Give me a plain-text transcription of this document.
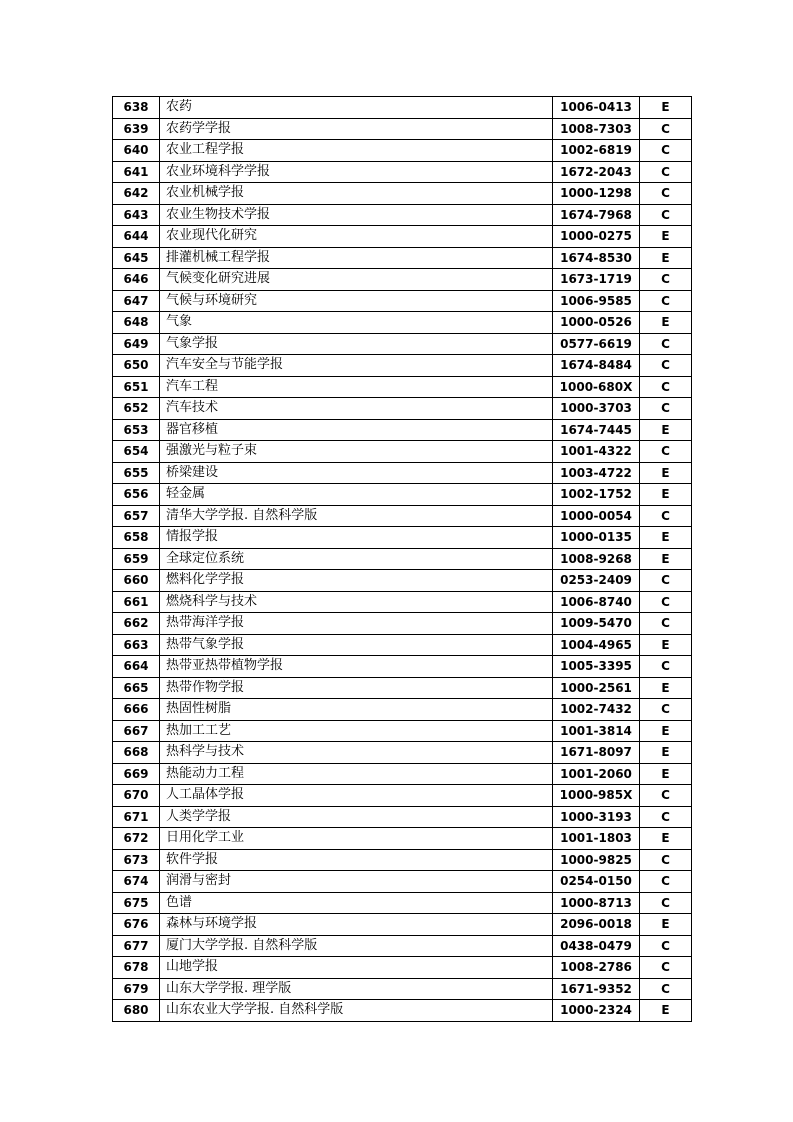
638	农药	1006-0413	E
639	农药学学报	1008-7303	C
640	农业工程学报	1002-6819	C
641	农业环境科学学报	1672-2043	C
642	农业机械学报	1000-1298	C
643	农业生物技术学报	1674-7968	C
644	农业现代化研究	1000-0275	E
645	排灌机械工程学报	1674-8530	E
646	气候变化研究进展	1673-1719	C
647	气候与环境研究	1006-9585	C
648	气象	1000-0526	E
649	气象学报	0577-6619	C
650	汽车安全与节能学报	1674-8484	C
651	汽车工程	1000-680X	C
652	汽车技术	1000-3703	C
653	器官移植	1674-7445	E
654	强激光与粒子束	1001-4322	C
655	桥梁建设	1003-4722	E
656	轻金属	1002-1752	E
657	清华大学学报. 自然科学版	1000-0054	C
658	情报学报	1000-0135	E
659	全球定位系统	1008-9268	E
660	燃料化学学报	0253-2409	C
661	燃烧科学与技术	1006-8740	C
662	热带海洋学报	1009-5470	C
663	热带气象学报	1004-4965	E
664	热带亚热带植物学报	1005-3395	C
665	热带作物学报	1000-2561	E
666	热固性树脂	1002-7432	C
667	热加工工艺	1001-3814	E
668	热科学与技术	1671-8097	E
669	热能动力工程	1001-2060	E
670	人工晶体学报	1000-985X	C
671	人类学学报	1000-3193	C
672	日用化学工业	1001-1803	E
673	软件学报	1000-9825	C
674	润滑与密封	0254-0150	C
675	色谱	1000-8713	C
676	森林与环境学报	2096-0018	E
677	厦门大学学报. 自然科学版	0438-0479	C
678	山地学报	1008-2786	C
679	山东大学学报. 理学版	1671-9352	C
680	山东农业大学学报. 自然科学版	1000-2324	E
